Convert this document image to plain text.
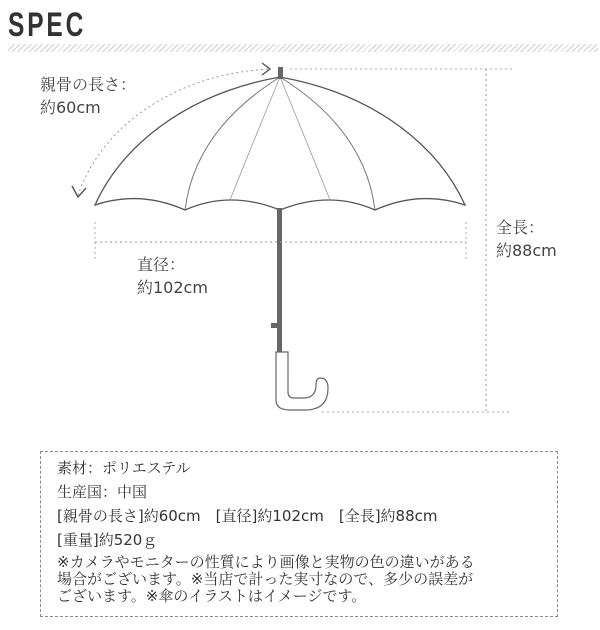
SPEC
親骨の長さ：
約60cm
直径：
約102cm
全長：
約88cm
素材：ポリエステル
生産国：中国
[親骨の長さ]約60cm　[直径]約102cm　[全長]約88cm
[重量]約520ｇ
※カメラやモニターの性質により画像と実物の色の違いがある
場合がございます。※当店で計った実寸なので、多少の誤差が
ございます。※傘のイラストはイメージです。
